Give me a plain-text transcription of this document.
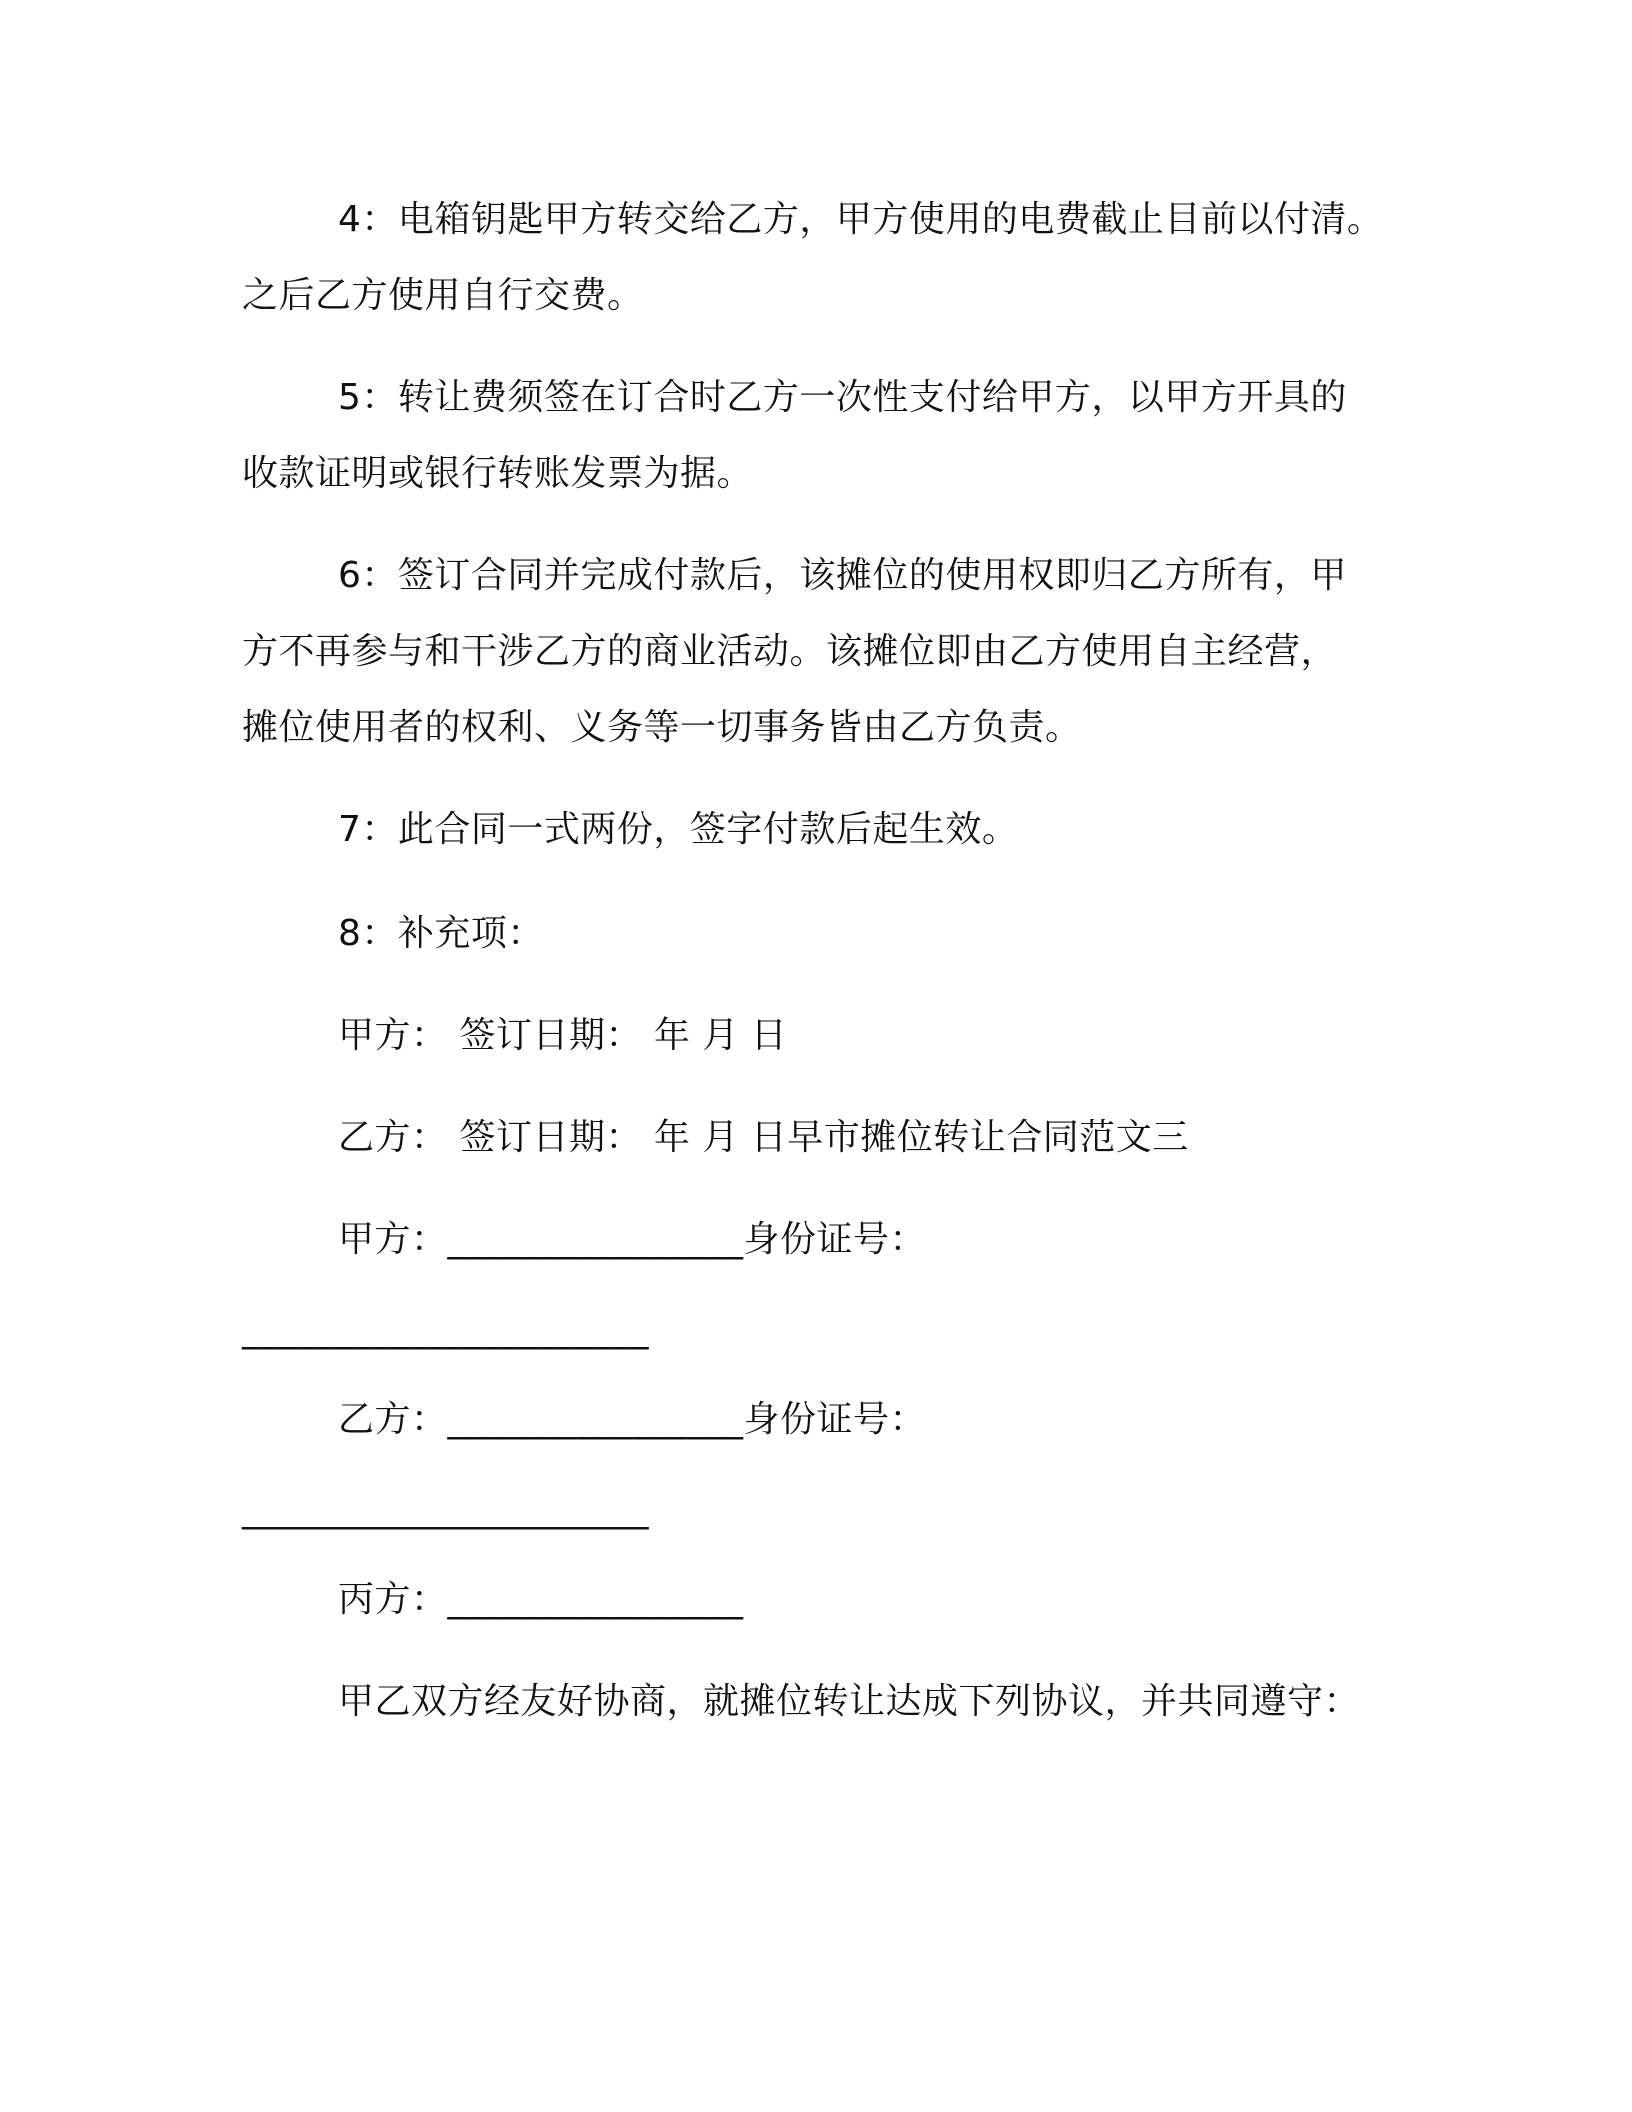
4：电箱钥匙甲方转交给乙方，甲方使用的电费截止目前以付清。
之后乙方使用自行交费。
5：转让费须签在订合时乙方一次性支付给甲方，以甲方开具的
收款证明或银行转账发票为据。
6：签订合同并完成付款后，该摊位的使用权即归乙方所有，甲
方不再参与和干涉乙方的商业活动。该摊位即由乙方使用自主经营，
摊位使用者的权利、义务等一切事务皆由乙方负责。
7：此合同一式两份，签字付款后起生效。
8：补充项：
甲方： 签订日期： 年 月 日
乙方： 签订日期： 年 月 日早市摊位转让合同范文三
甲方：________________身份证号：
______________________
乙方：________________身份证号：
______________________
丙方：________________
甲乙双方经友好协商，就摊位转让达成下列协议，并共同遵守：
